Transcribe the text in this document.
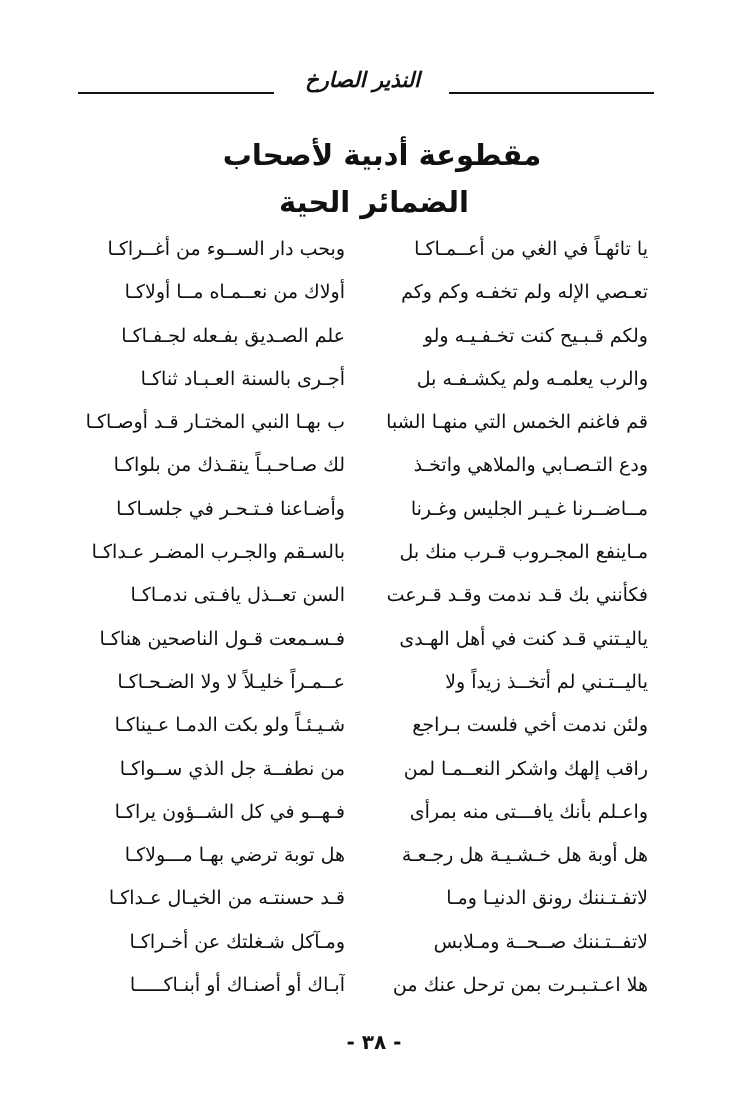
النذير الصارخ
مقطوعة أدبية لأصحاب
الضمائر الحية
يا تائهـاً في الغي من أعــمـاكـا
وبحب دار الســوء من أغــراكـا
تعـصي الإله ولم تخفـه وكم وكم
أولاك من نعــمـاه مــا أولاكـا
ولكم قـبـيح كنت تخـفـيـه ولو
علم الصـديق بفـعله لجـفـاكـا
والرب يعلمـه ولم يكشـفـه بل
أجـرى بالسنة العـبـاد ثناكـا
قم فاغنم الخمس التي منهـا الشبا
ب بهـا النبي المختـار قـد أوصـاكـا
ودع التـصـابي والملاهي واتخـذ
لك صـاحـبـاً ينقـذك من بلواكـا
مــاضــرنا غـيـر الجليس وغـرنا
وأضـاعنا فـتـحـر في جلسـاكـا
مـاينفع المجـروب قـرب منك بل
بالسـقم والجـرب المضـر عـداكـا
فكأنني بك قـد ندمت وقـد قـرعت
السن تعــذل يافـتى ندمـاكـا
ياليـتني قـد كنت في أهل الهـدى
فـسـمعت قـول الناصحين هناكـا
ياليــتـني لم أتخــذ زيداً ولا
عــمـراً خليـلاً لا ولا الضـحـاكـا
ولئن ندمت أخي فلست بـراجع
شـيـئـاً ولو بكت الدمـا عـيناكـا
راقب إلهك واشكر النعــمـا لمن
من نطفــة جل الذي ســواكـا
واعـلم بأنك يافـــتى منه بمرأى
فـهــو في كل الشــؤون يراكـا
هل أوبة هل خـشـيـة هل رجـعـة
هل توبة ترضي بهـا مـــولاكـا
لاتفـتـننك رونق الدنيـا ومـا
قـد حسنتـه من الخيـال عـداكـا
لاتفــتـننك صــحــة ومـلابس
ومـآكل شـغلتك عن أخـراكـا
هلا اعـتـبـرت بمن ترحل عنك من
آبـاك أو أصنـاك أو أبنـاكـــــا
- ٣٨ -
